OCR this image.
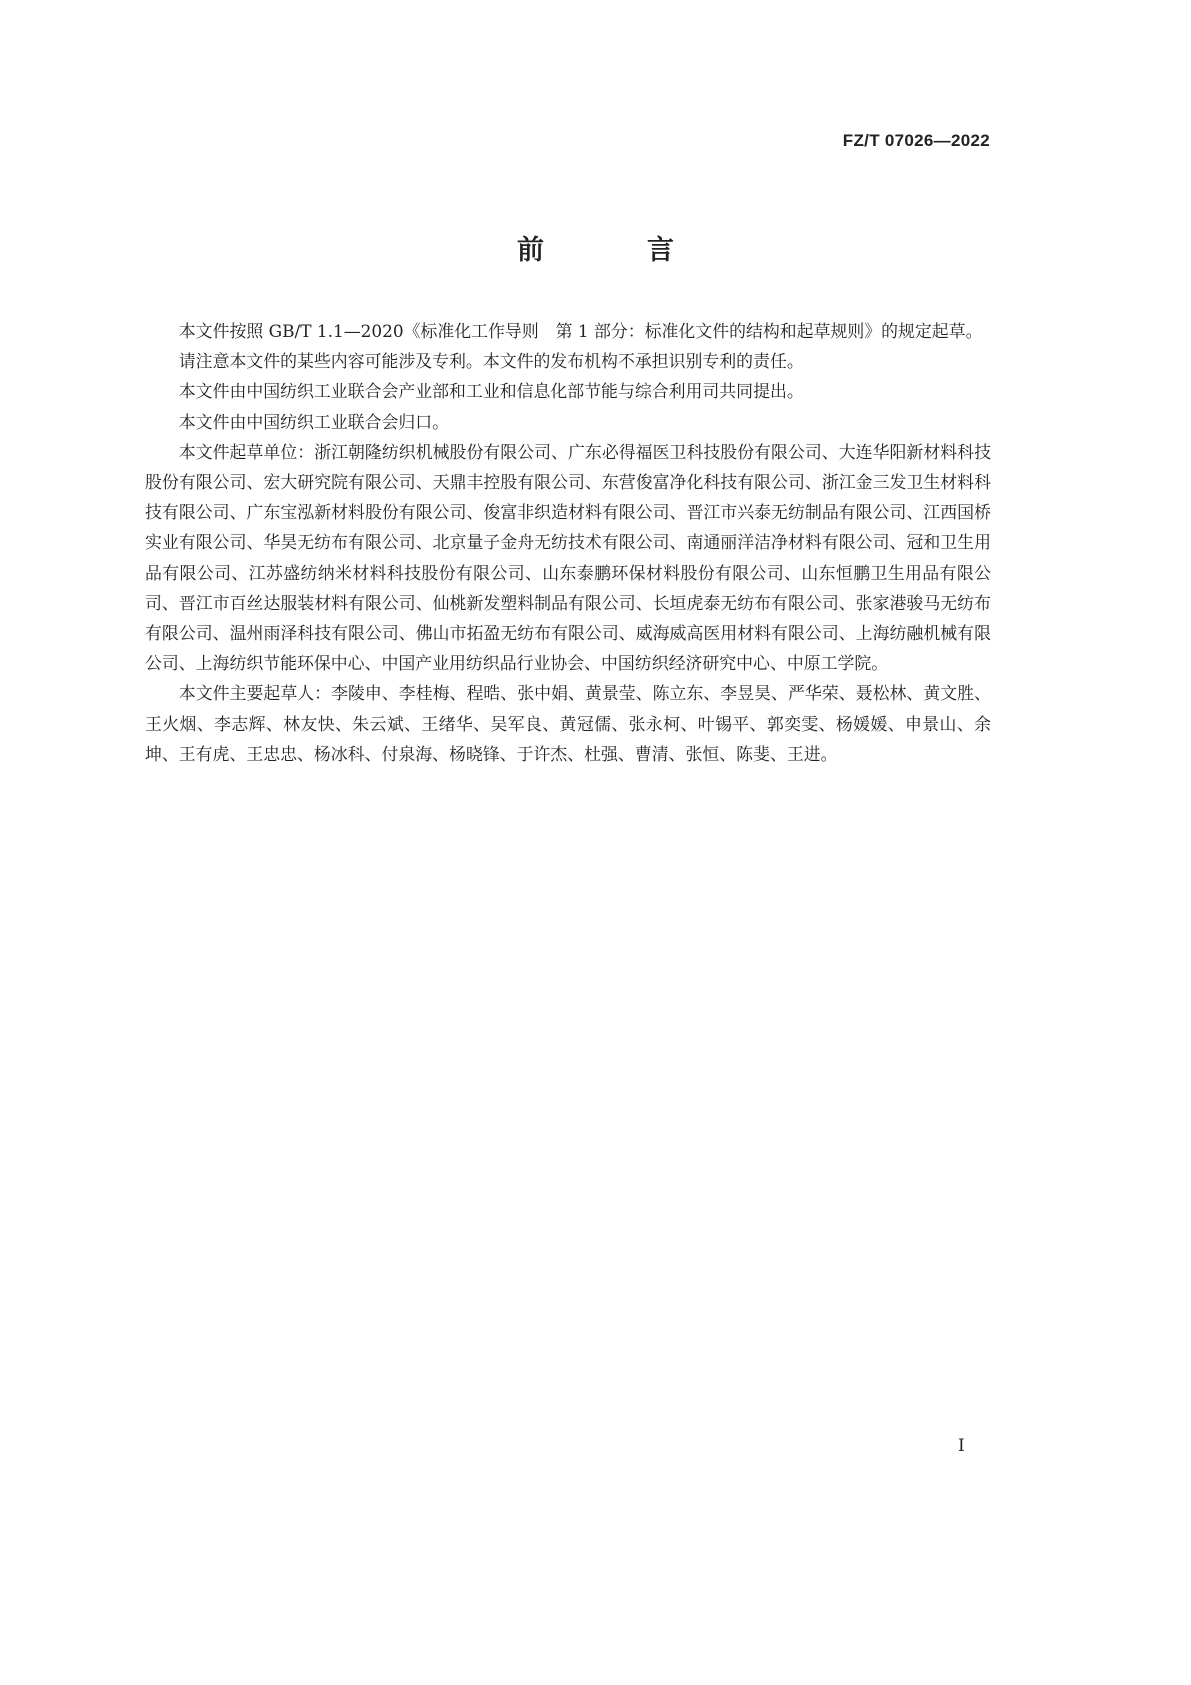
FZ/T 07026—2022
前　言

本文件按照 GB/T 1.1—2020《标准化工作导则　第 1 部分：标准化文件的结构和起草规则》的规定起草。

请注意本文件的某些内容可能涉及专利。本文件的发布机构不承担识别专利的责任。

本文件由中国纺织工业联合会产业部和工业和信息化部节能与综合利用司共同提出。

本文件由中国纺织工业联合会归口。

本文件起草单位：浙江朝隆纺织机械股份有限公司、广东必得福医卫科技股份有限公司、大连华阳新材料科技股份有限公司、宏大研究院有限公司、天鼎丰控股有限公司、东营俊富净化科技有限公司、浙江金三发卫生材料科技有限公司、广东宝泓新材料股份有限公司、俊富非织造材料有限公司、晋江市兴泰无纺制品有限公司、江西国桥实业有限公司、华昊无纺布有限公司、北京量子金舟无纺技术有限公司、南通丽洋洁净材料有限公司、冠和卫生用品有限公司、江苏盛纺纳米材料科技股份有限公司、山东泰鹏环保材料股份有限公司、山东恒鹏卫生用品有限公司、晋江市百丝达服装材料有限公司、仙桃新发塑料制品有限公司、长垣虎泰无纺布有限公司、张家港骏马无纺布有限公司、温州雨泽科技有限公司、佛山市拓盈无纺布有限公司、威海威高医用材料有限公司、上海纺融机械有限公司、上海纺织节能环保中心、中国产业用纺织品行业协会、中国纺织经济研究中心、中原工学院。

本文件主要起草人：李陵申、李桂梅、程晧、张中娟、黄景莹、陈立东、李昱昊、严华荣、聂松林、黄文胜、王火烟、李志辉、林友快、朱云斌、王绪华、吴军良、黄冠儒、张永柯、叶锡平、郭奕雯、杨媛媛、申景山、余坤、王有虎、王忠忠、杨冰科、付泉海、杨晓锋、于许杰、杜强、曹清、张恒、陈斐、王进。

I
